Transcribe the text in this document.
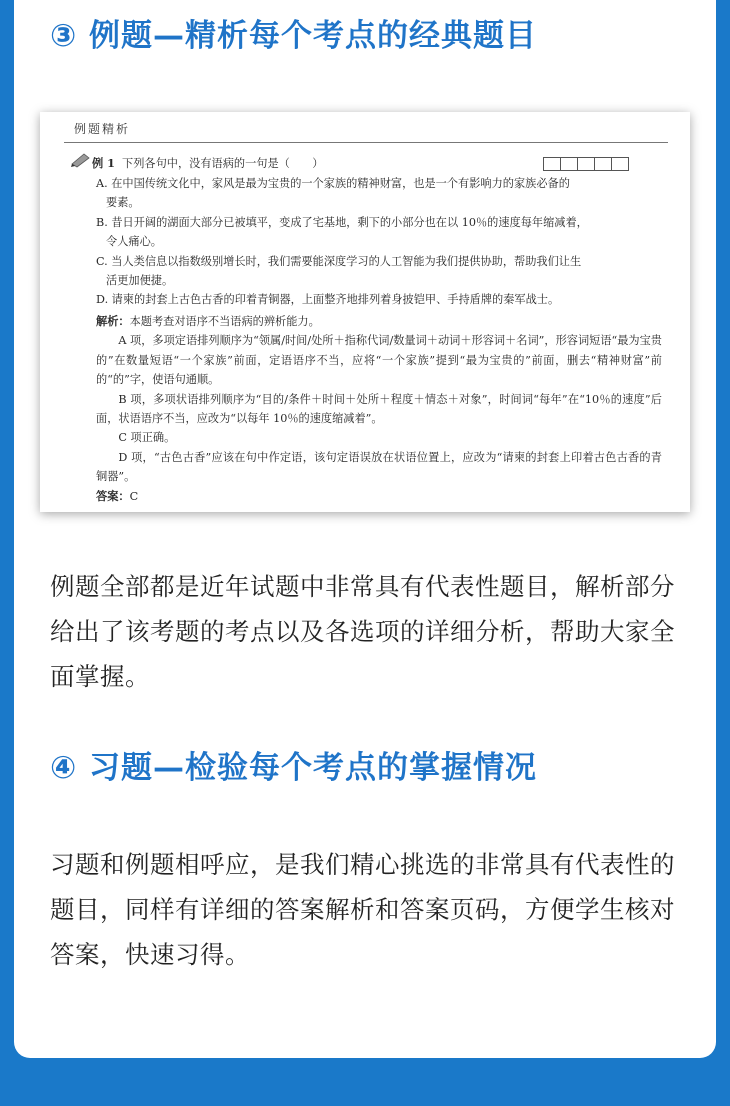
③ 例题—精析每个考点的经典题目
例题精析
例 1 下列各句中，没有语病的一句是（　　）

A. 在中国传统文化中，家风是最为宝贵的一个家族的精神财富，也是一个有影响力的家族必备的

要素。

B. 昔日开阔的湖面大部分已被填平，变成了宅基地，剩下的小部分也在以 10％的速度每年缩减着，

令人痛心。

C. 当人类信息以指数级别增长时，我们需要能深度学习的人工智能为我们提供协助，帮助我们让生

活更加便捷。

D. 请柬的封套上古色古香的印着青铜器，上面整齐地排列着身披铠甲、手持盾牌的秦军战士。

解析：本题考查对语序不当语病的辨析能力。

A 项，多项定语排列顺序为“领属/时间/处所＋指称代词/数量词＋动词＋形容词＋名词”，形容词短语“最为宝贵的”在数量短语“一个家族”前面，定语语序不当，应将“一个家族”提到“最为宝贵的”前面，删去“精神财富”前的“的”字，使语句通顺。

B 项，多项状语排列顺序为“目的/条件＋时间＋处所＋程度＋情态＋对象”，时间词“每年”在“10％的速度”后面，状语语序不当，应改为“以每年 10％的速度缩减着”。

C 项正确。

D 项，“古色古香”应该在句中作定语，该句定语误放在状语位置上，应改为“请柬的封套上印着古色古香的青铜器”。

答案：C

例题全部都是近年试题中非常具有代表性题目，解析部分给出了该考题的考点以及各选项的详细分析，帮助大家全面掌握。

④ 习题—检验每个考点的掌握情况

习题和例题相呼应，是我们精心挑选的非常具有代表性的题目，同样有详细的答案解析和答案页码，方便学生核对答案，快速习得。
